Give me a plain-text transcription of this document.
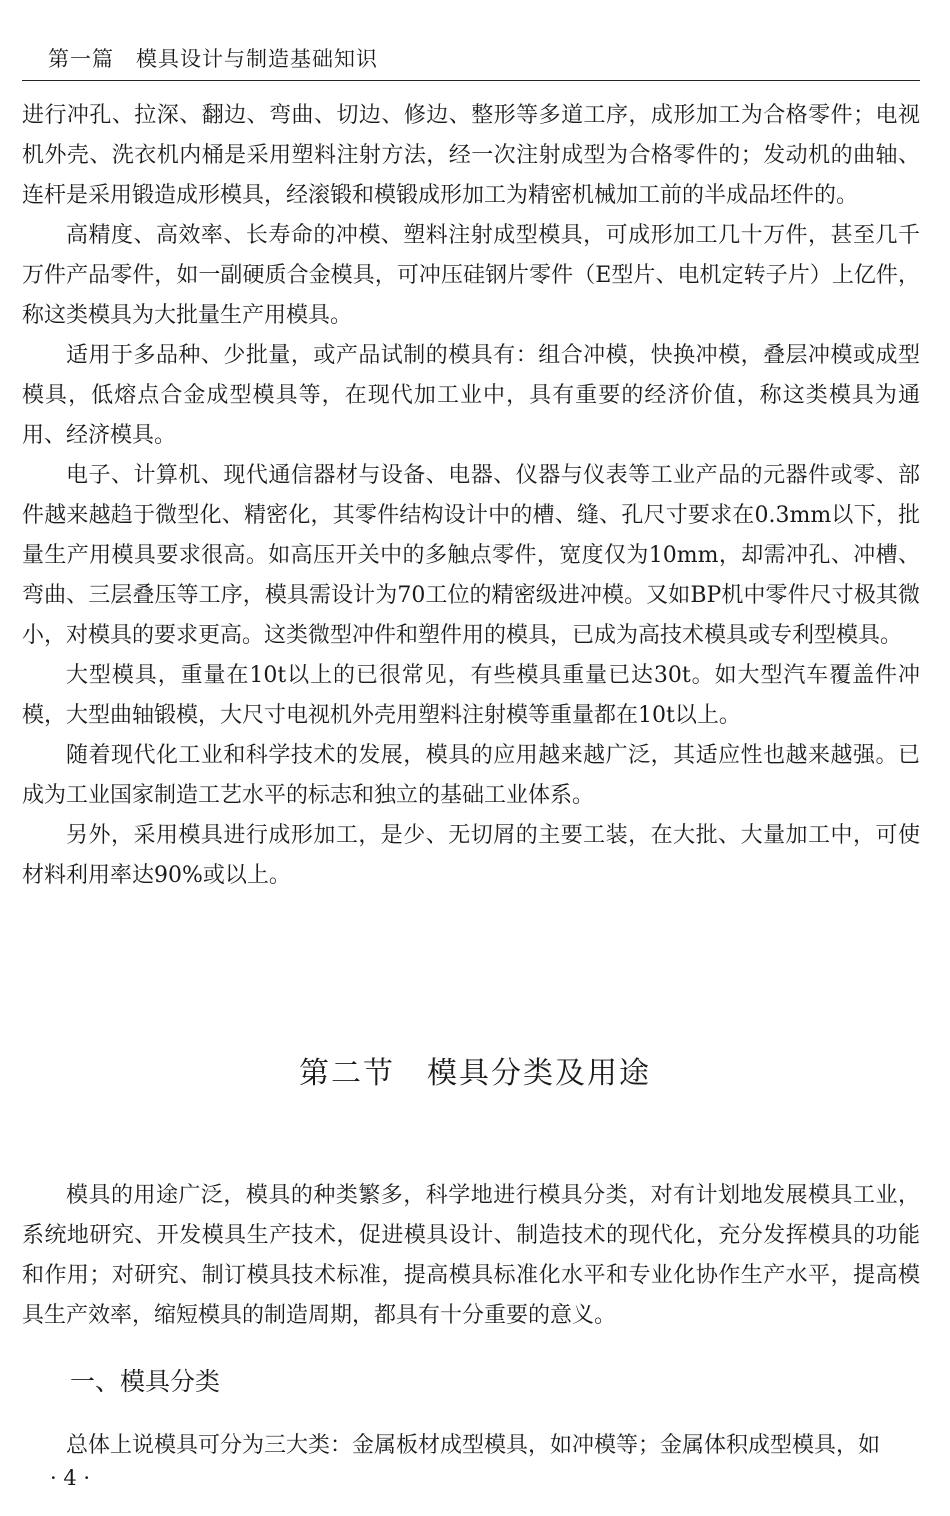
第一篇　模具设计与制造基础知识

进行冲孔、拉深、翻边、弯曲、切边、修边、整形等多道工序，成形加工为合格零件；电视机外壳、洗衣机内桶是采用塑料注射方法，经一次注射成型为合格零件的；发动机的曲轴、连杆是采用锻造成形模具，经滚锻和模锻成形加工为精密机械加工前的半成品坯件的。

高精度、高效率、长寿命的冲模、塑料注射成型模具，可成形加工几十万件，甚至几千万件产品零件，如一副硬质合金模具，可冲压硅钢片零件（E型片、电机定转子片）上亿件，称这类模具为大批量生产用模具。

适用于多品种、少批量，或产品试制的模具有：组合冲模，快换冲模，叠层冲模或成型模具，低熔点合金成型模具等，在现代加工业中，具有重要的经济价值，称这类模具为通用、经济模具。

电子、计算机、现代通信器材与设备、电器、仪器与仪表等工业产品的元器件或零、部件越来越趋于微型化、精密化，其零件结构设计中的槽、缝、孔尺寸要求在0.3mm以下，批量生产用模具要求很高。如高压开关中的多触点零件，宽度仅为10mm，却需冲孔、冲槽、弯曲、三层叠压等工序，模具需设计为70工位的精密级进冲模。又如BP机中零件尺寸极其微小，对模具的要求更高。这类微型冲件和塑件用的模具，已成为高技术模具或专利型模具。

大型模具，重量在10t以上的已很常见，有些模具重量已达30t。如大型汽车覆盖件冲模，大型曲轴锻模，大尺寸电视机外壳用塑料注射模等重量都在10t以上。

随着现代化工业和科学技术的发展，模具的应用越来越广泛，其适应性也越来越强。已成为工业国家制造工艺水平的标志和独立的基础工业体系。

另外，采用模具进行成形加工，是少、无切屑的主要工装，在大批、大量加工中，可使材料利用率达90%或以上。

第二节　模具分类及用途

模具的用途广泛，模具的种类繁多，科学地进行模具分类，对有计划地发展模具工业，系统地研究、开发模具生产技术，促进模具设计、制造技术的现代化，充分发挥模具的功能和作用；对研究、制订模具技术标准，提高模具标准化水平和专业化协作生产水平，提高模具生产效率，缩短模具的制造周期，都具有十分重要的意义。

一、模具分类

总体上说模具可分为三大类：金属板材成型模具，如冲模等；金属体积成型模具，如

· 4 ·
